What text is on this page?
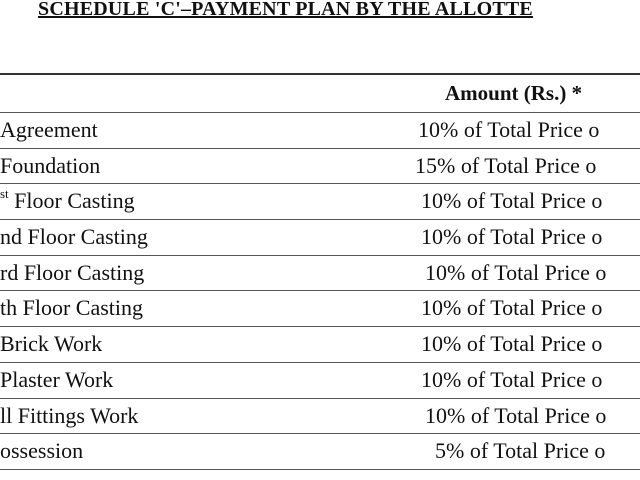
SCHEDULE 'C'–PAYMENT PLAN BY THE ALLOTTE
Amount (Rs.) *
Agreement	10% of Total Price o
Foundation	15% of Total Price o
$^{st}$ Floor Casting	10% of Total Price o
nd Floor Casting	10% of Total Price o
rd Floor Casting	10% of Total Price o
th Floor Casting	10% of Total Price o
Brick Work	10% of Total Price o
Plaster Work	10% of Total Price o
ll Fittings Work	10% of Total Price o
ossession	5% of Total Price o
